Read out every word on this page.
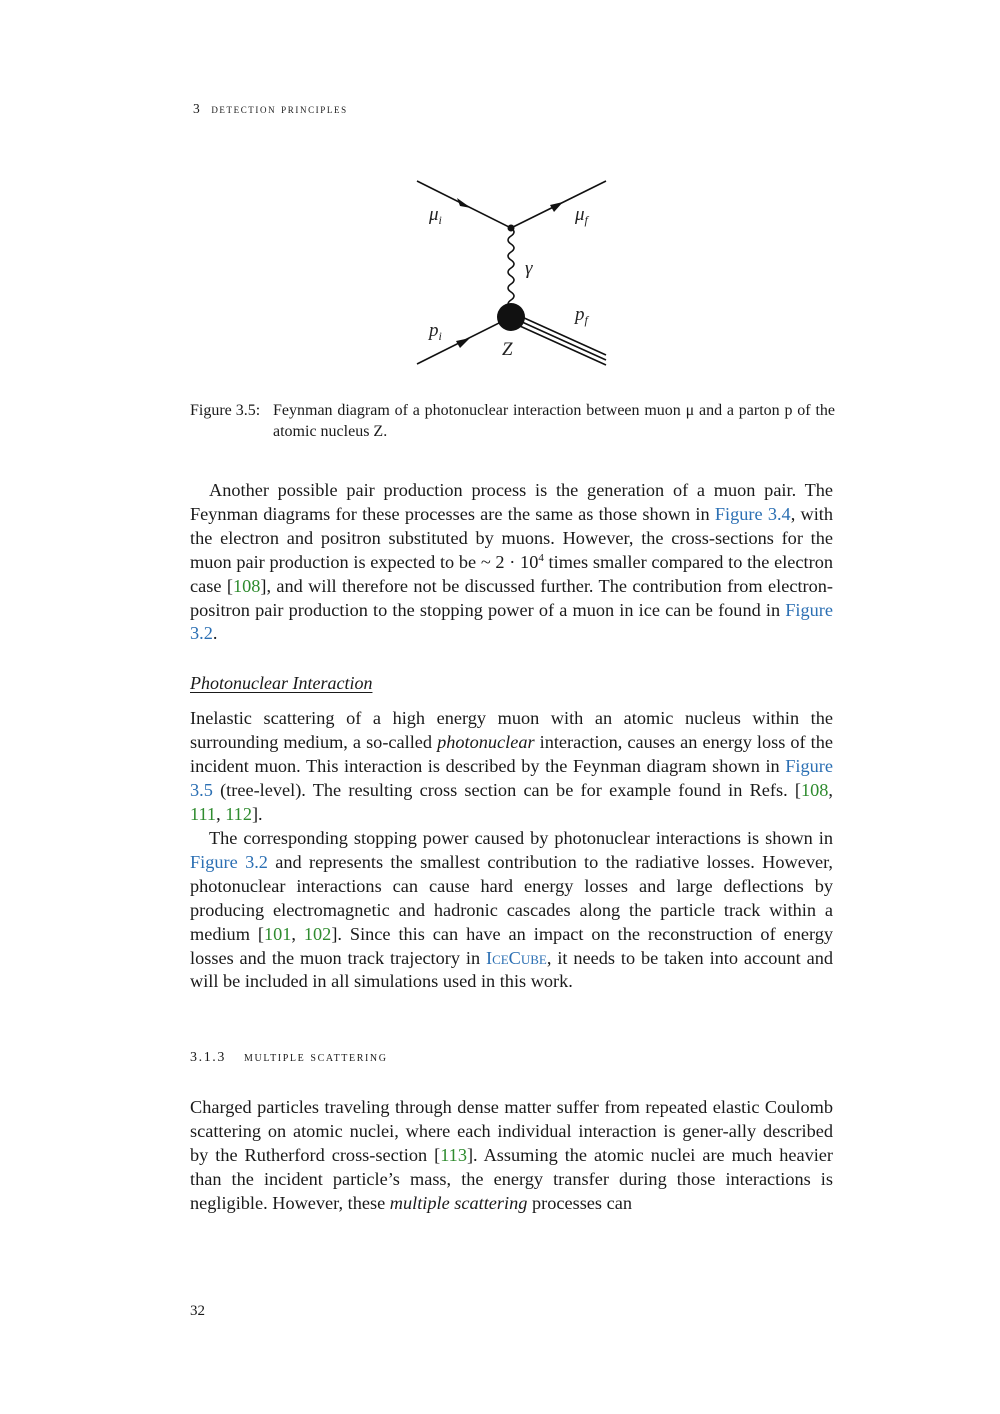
3 detection principles
$\mu_i$	$\mu_f$
γ
$p_i$
$p_f$
Z
Figure 3.5: Feynman diagram of a photonuclear interaction between muon μ and a parton p of the atomic nucleus Z.

Another possible pair production process is the generation of a muon pair. The Feynman diagrams for these processes are the same as those shown in Figure 3.4, with the electron and positron substituted by muons. However, the cross-sections for the muon pair production is expected to be ~ $2 \cdot 10^4$ times smaller compared to the electron case [108], and will therefore not be discussed further. The contribution from electron-positron pair production to the stopping power of a muon in ice can be found in Figure 3.2.

Photonuclear Interaction

Inelastic scattering of a high energy muon with an atomic nucleus within the surrounding medium, a so-called photonuclear interaction, causes an energy loss of the incident muon. This interaction is described by the Feynman diagram shown in Figure 3.5 (tree-level). The resulting cross section can be for example found in Refs. [108, 111, 112].

The corresponding stopping power caused by photonuclear interactions is shown in Figure 3.2 and represents the smallest contribution to the radiative losses. However, photonuclear interactions can cause hard energy losses and large deflections by producing electromagnetic and hadronic cascades along the particle track within a medium [101, 102]. Since this can have an impact on the reconstruction of energy losses and the muon track trajectory in IceCube, it needs to be taken into account and will be included in all simulations used in this work.

3.1.3 multiple scattering

Charged particles traveling through dense matter suffer from repeated elastic Coulomb scattering on atomic nuclei, where each individual interaction is gener-ally described by the Rutherford cross-section [113]. Assuming the atomic nuclei are much heavier than the incident particle’s mass, the energy transfer during those interactions is negligible. However, these multiple scattering processes can

32
